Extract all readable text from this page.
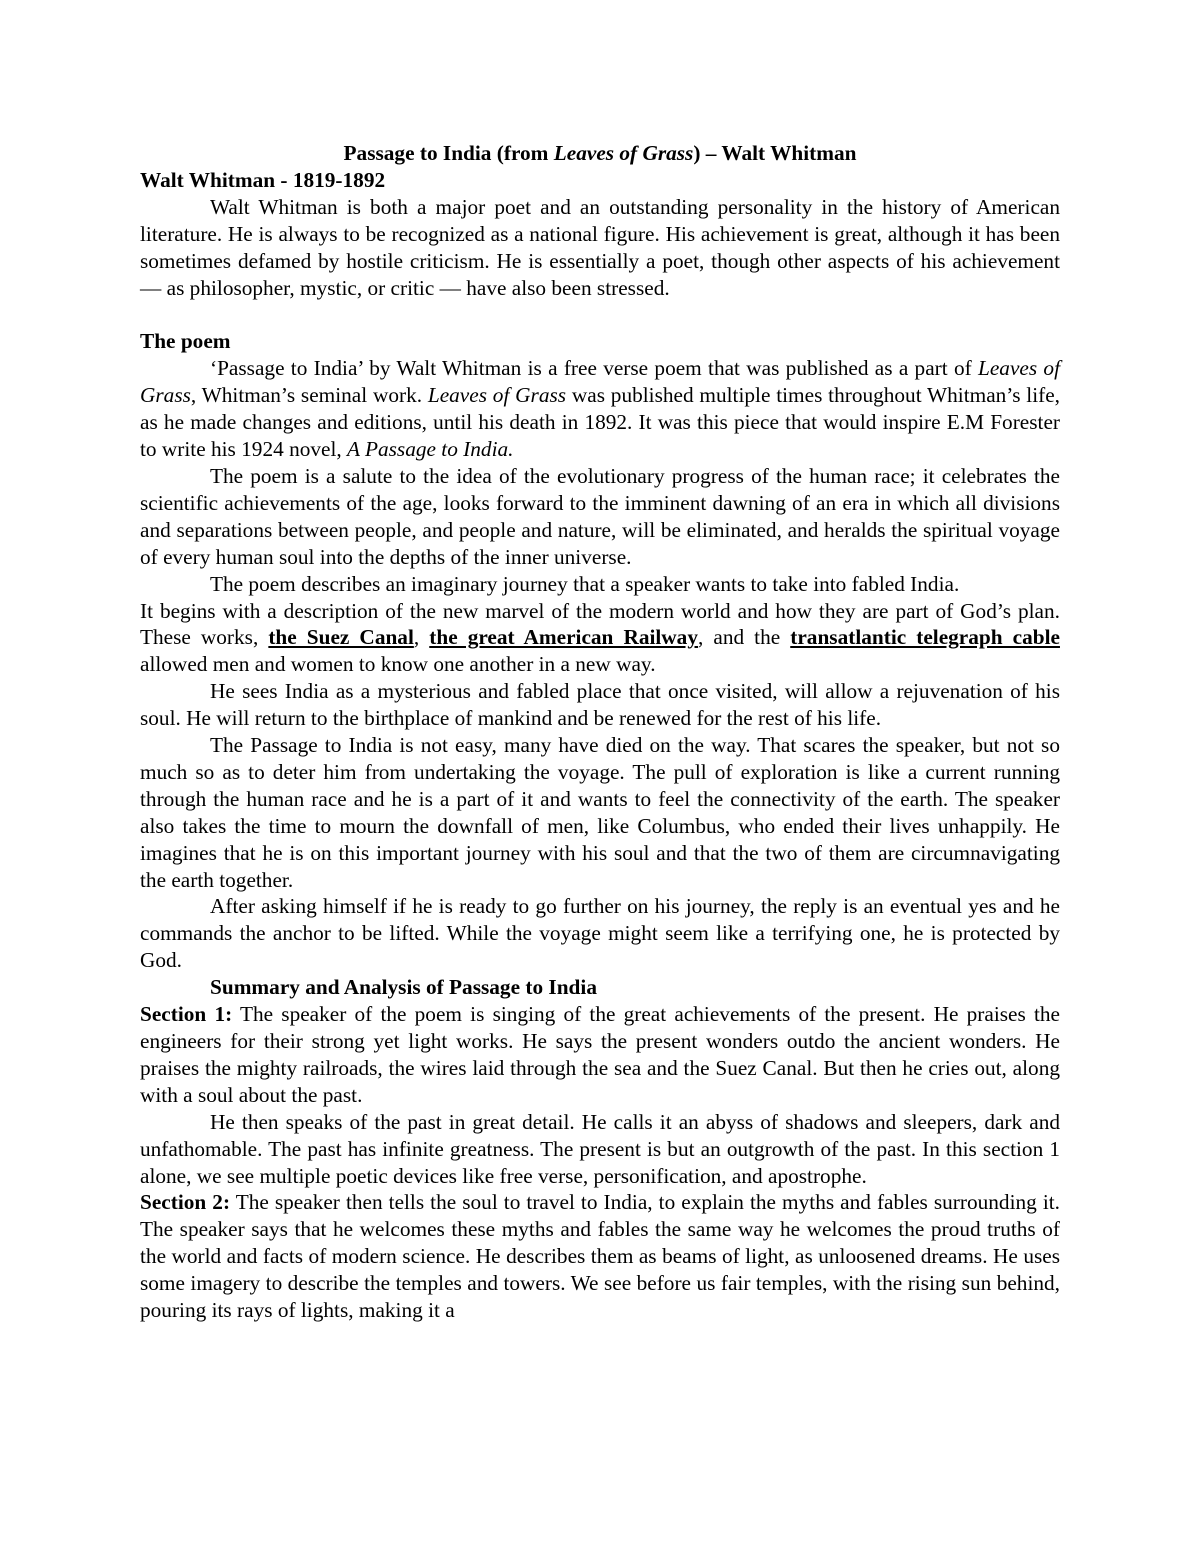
Passage to India (from Leaves of Grass) – Walt Whitman
Walt Whitman - 1819-1892

Walt Whitman is both a major poet and an outstanding personality in the history of American literature. He is always to be recognized as a national figure. His achievement is great, although it has been sometimes defamed by hostile criticism. He is essentially a poet, though other aspects of his achievement — as philosopher, mystic, or critic — have also been stressed.

The poem

‘Passage to India’ by Walt Whitman is a free verse poem that was published as a part of Leaves of Grass, Whitman’s seminal work. Leaves of Grass was published multiple times throughout Whitman’s life, as he made changes and editions, until his death in 1892. It was this piece that would inspire E.M Forester to write his 1924 novel, A Passage to India.

The poem is a salute to the idea of the evolutionary progress of the human race; it celebrates the scientific achievements of the age, looks forward to the imminent dawning of an era in which all divisions and separations between people, and people and nature, will be eliminated, and heralds the spiritual voyage of every human soul into the depths of the inner universe.

The poem describes an imaginary journey that a speaker wants to take into fabled India.

It begins with a description of the new marvel of the modern world and how they are part of God’s plan. These works, the Suez Canal, the great American Railway, and the transatlantic telegraph cable allowed men and women to know one another in a new way.

He sees India as a mysterious and fabled place that once visited, will allow a rejuvenation of his soul. He will return to the birthplace of mankind and be renewed for the rest of his life.

The Passage to India is not easy, many have died on the way. That scares the speaker, but not so much so as to deter him from undertaking the voyage. The pull of exploration is like a current running through the human race and he is a part of it and wants to feel the connectivity of the earth. The speaker also takes the time to mourn the downfall of men, like Columbus, who ended their lives unhappily. He imagines that he is on this important journey with his soul and that the two of them are circumnavigating the earth together.

After asking himself if he is ready to go further on his journey, the reply is an eventual yes and he commands the anchor to be lifted. While the voyage might seem like a terrifying one, he is protected by God.

Summary and Analysis of Passage to India

Section 1: The speaker of the poem is singing of the great achievements of the present. He praises the engineers for their strong yet light works. He says the present wonders outdo the ancient wonders. He praises the mighty railroads, the wires laid through the sea and the Suez Canal. But then he cries out, along with a soul about the past.

He then speaks of the past in great detail. He calls it an abyss of shadows and sleepers, dark and unfathomable. The past has infinite greatness. The present is but an outgrowth of the past. In this section 1 alone, we see multiple poetic devices like free verse, personification, and apostrophe.

Section 2: The speaker then tells the soul to travel to India, to explain the myths and fables surrounding it. The speaker says that he welcomes these myths and fables the same way he welcomes the proud truths of the world and facts of modern science. He describes them as beams of light, as unloosened dreams. He uses some imagery to describe the temples and towers. We see before us fair temples, with the rising sun behind, pouring its rays of lights, making it a
